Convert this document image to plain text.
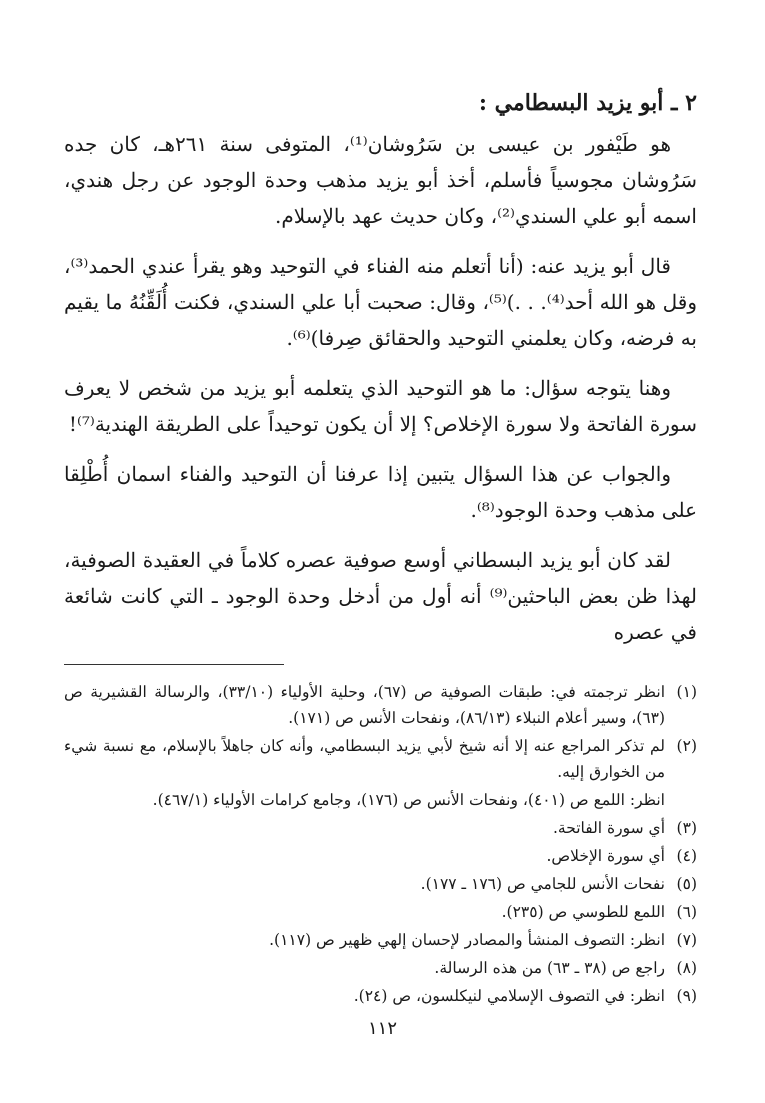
٢ ـ أبو يزيد البسطامي :

هو طَيْفور بن عيسى بن سَرُوشان⁽¹⁾، المتوفى سنة ٢٦١هـ، كان جده سَرُوشان مجوسياً فأسلم، أخذ أبو يزيد مذهب وحدة الوجود عن رجل هندي، اسمه أبو علي السندي⁽²⁾، وكان حديث عهد بالإسلام.

قال أبو يزيد عنه: (أنا أتعلم منه الفناء في التوحيد وهو يقرأ عندي الحمد⁽³⁾، وقل هو الله أحد⁽⁴⁾. . .)⁽⁵⁾، وقال: صحبت أبا علي السندي، فكنت أُلَقِّنُهُ ما يقيم به فرضه، وكان يعلمني التوحيد والحقائق صِرفا)⁽⁶⁾.

وهنا يتوجه سؤال: ما هو التوحيد الذي يتعلمه أبو يزيد من شخص لا يعرف سورة الفاتحة ولا سورة الإخلاص؟ إلا أن يكون توحيداً على الطريقة الهندية⁽⁷⁾!

والجواب عن هذا السؤال يتبين إذا عرفنا أن التوحيد والفناء اسمان أُطْلِقا على مذهب وحدة الوجود⁽⁸⁾.

لقد كان أبو يزيد البسطاني أوسع صوفية عصره كلاماً في العقيدة الصوفية، لهذا ظن بعض الباحثين⁽⁹⁾ أنه أول من أدخل وحدة الوجود ـ التي كانت شائعة في عصره

(١)
انظر ترجمته في: طبقات الصوفية ص (٦٧)، وحلية الأولياء (٣٣/١٠)، والرسالة القشيرية ص (٦٣)، وسير أعلام النبلاء (٨٦/١٣)، ونفحات الأنس ص (١٧١).
(٢)
لم تذكر المراجع عنه إلا أنه شيخ لأبي يزيد البسطامي، وأنه كان جاهلاً بالإسلام، مع نسبة شيء من الخوارق إليه.
انظر: اللمع ص (٤٠١)، ونفحات الأنس ص (١٧٦)، وجامع كرامات الأولياء (٤٦٧/١).
(٣)
أي سورة الفاتحة.
(٤)
أي سورة الإخلاص.
(٥)
نفحات الأنس للجامي ص (١٧٦ ـ ١٧٧).
(٦)
اللمع للطوسي ص (٢٣٥).
(٧)
انظر: التصوف المنشأ والمصادر لإحسان إلهي ظهير ص (١١٧).
(٨)
راجع ص (٣٨ ـ ٦٣) من هذه الرسالة.
(٩)
انظر: في التصوف الإسلامي لنيكلسون، ص (٢٤).
١١٢
